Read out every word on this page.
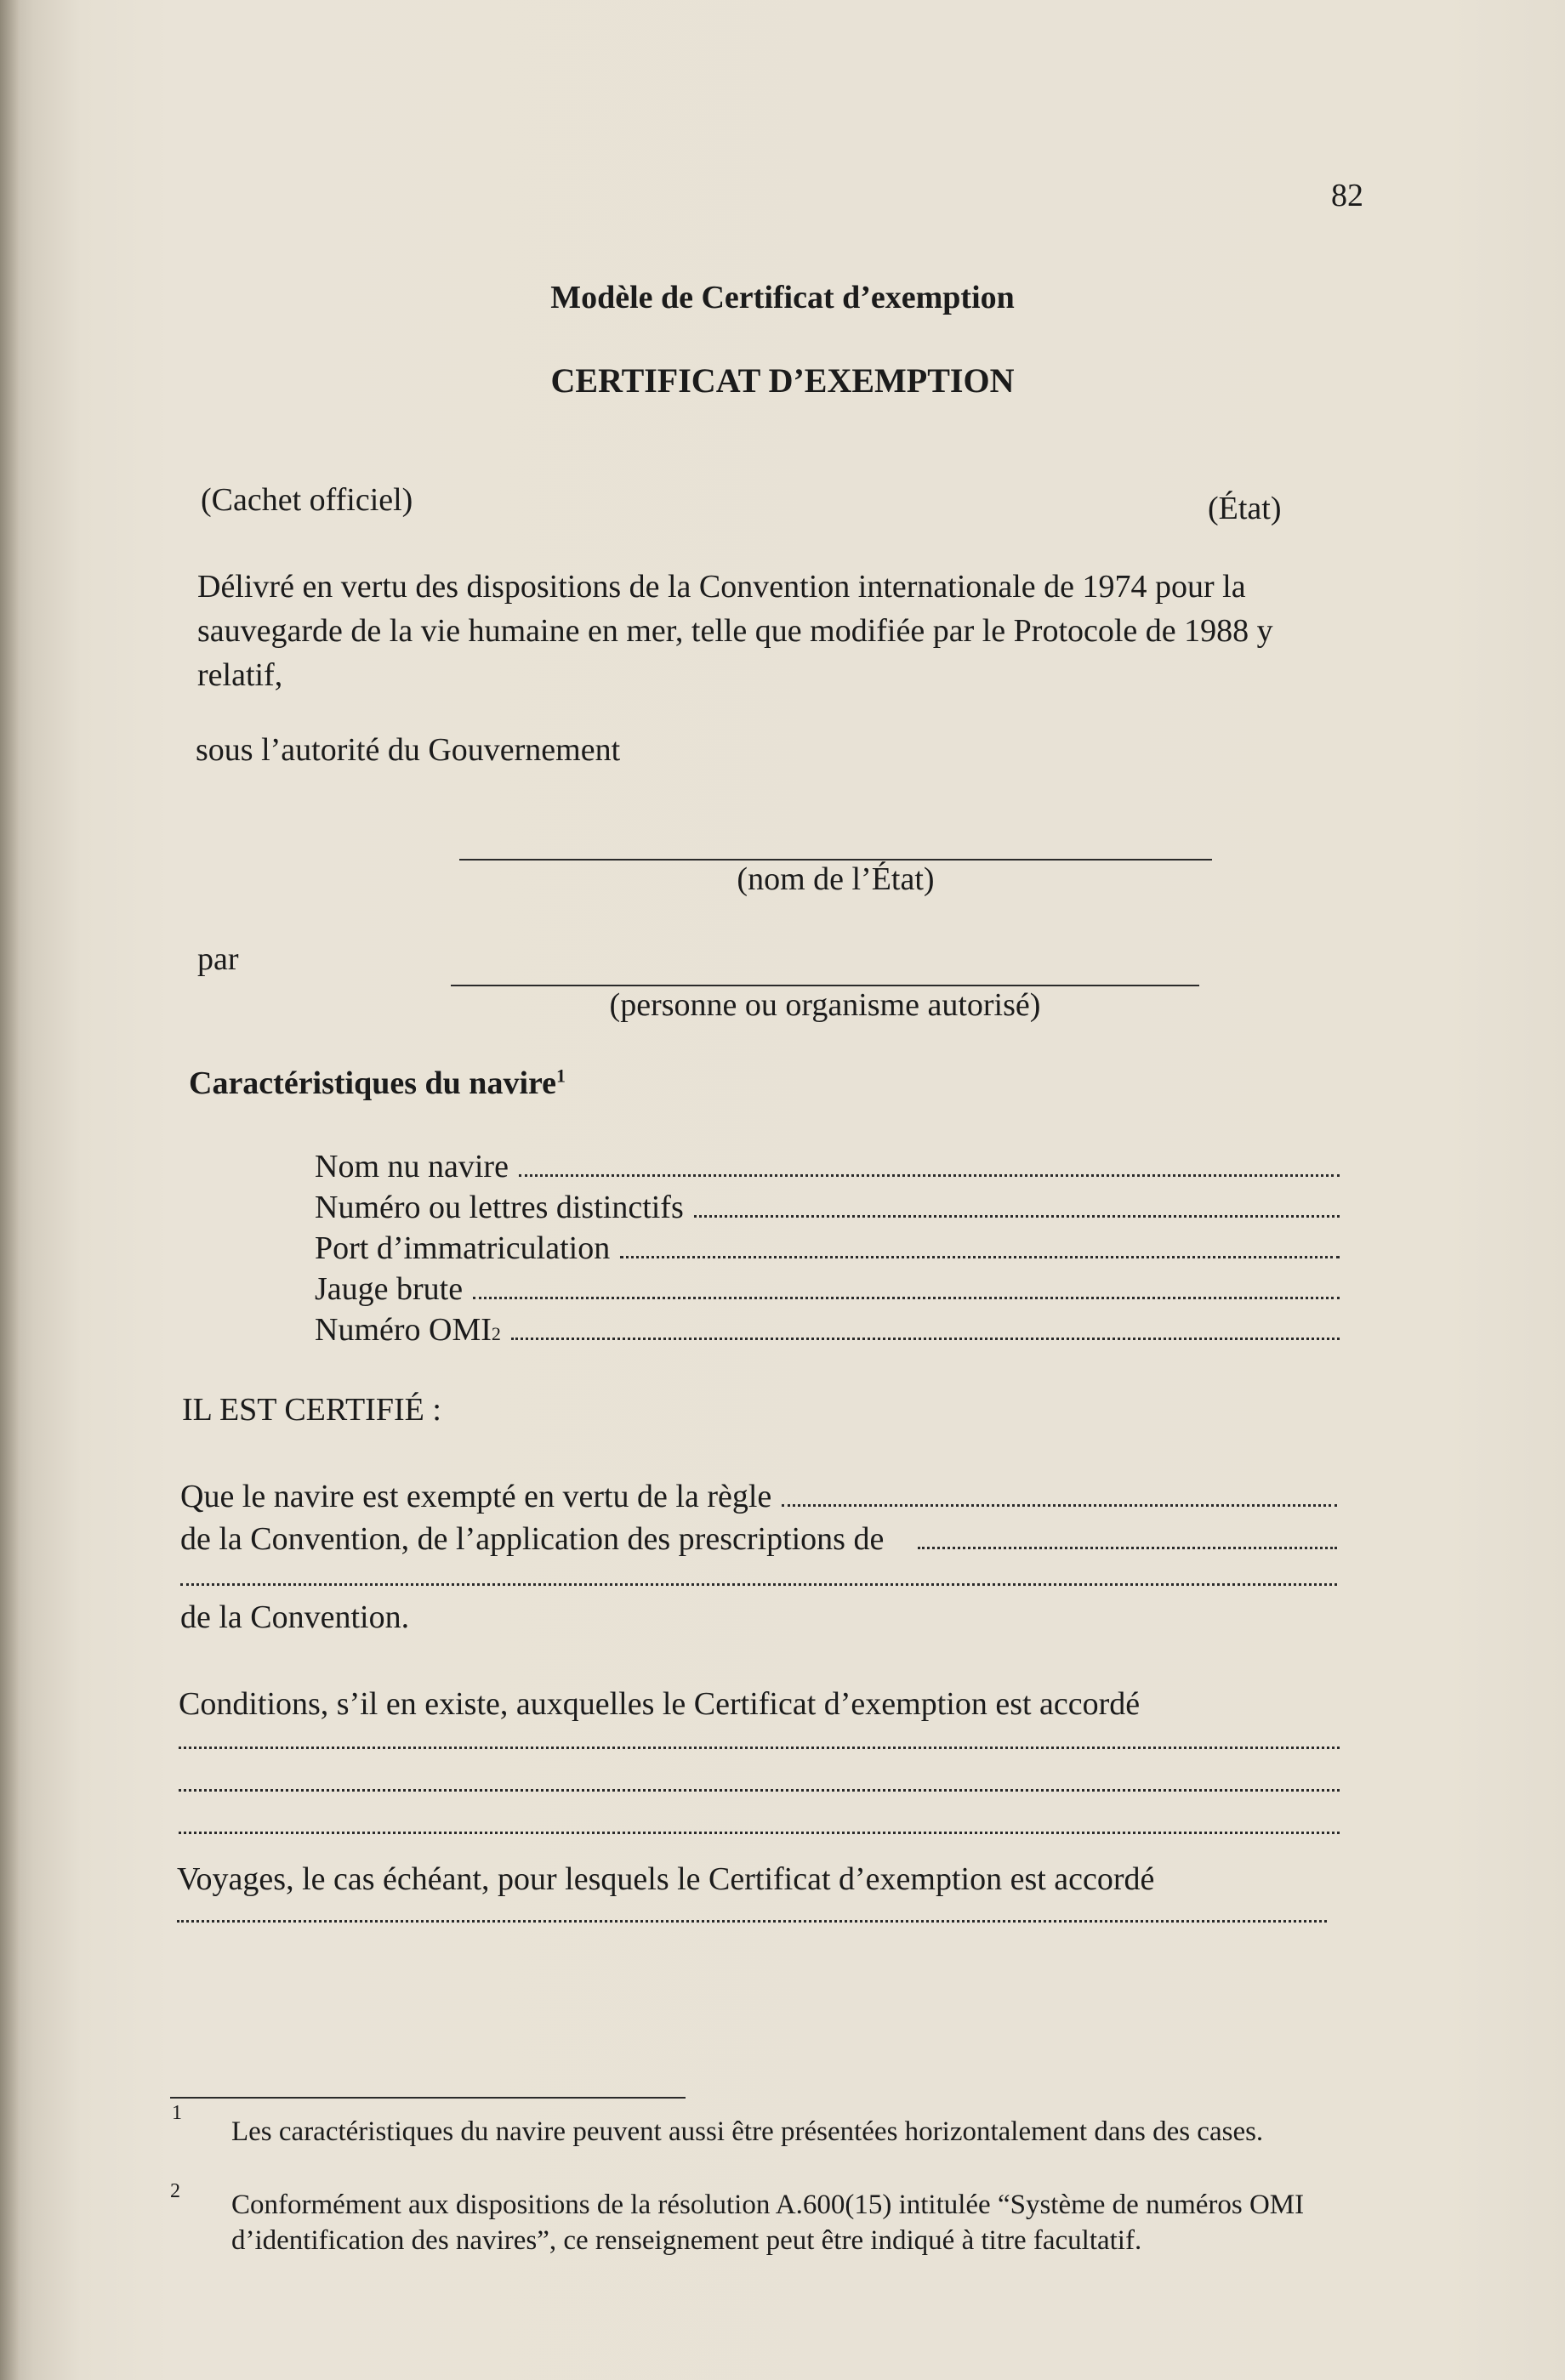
82
Modèle de Certificat d’exemption
CERTIFICAT D’EXEMPTION
(Cachet officiel)	(État)
Délivré en vertu des dispositions de la Convention internationale de 1974 pour la sauvegarde de la vie humaine en mer, telle que modifiée par le Protocole de 1988 y relatif,
sous l’autorité du Gouvernement
(nom de l’État)
par
(personne ou organisme autorisé)
Caractéristiques du navire$^1$
Nom nu navire
Numéro ou lettres distinctifs
Port d’immatriculation
Jauge brute
Numéro OMI 2
IL EST CERTIFIÉ :
Que le navire est exempté en vertu de la règle
de la Convention, de l’application des prescriptions de
de la Convention.
Conditions, s’il en existe, auxquelles le Certificat d’exemption est accordé
Voyages, le cas échéant, pour lesquels le Certificat d’exemption est accordé
1
Les caractéristiques du navire peuvent aussi être présentées horizontalement dans des cases.
2 Conformément aux dispositions de la résolution A.600(15) intitulée “Système de numéros OMI d’identification des navires”, ce renseignement peut être indiqué à titre facultatif.
